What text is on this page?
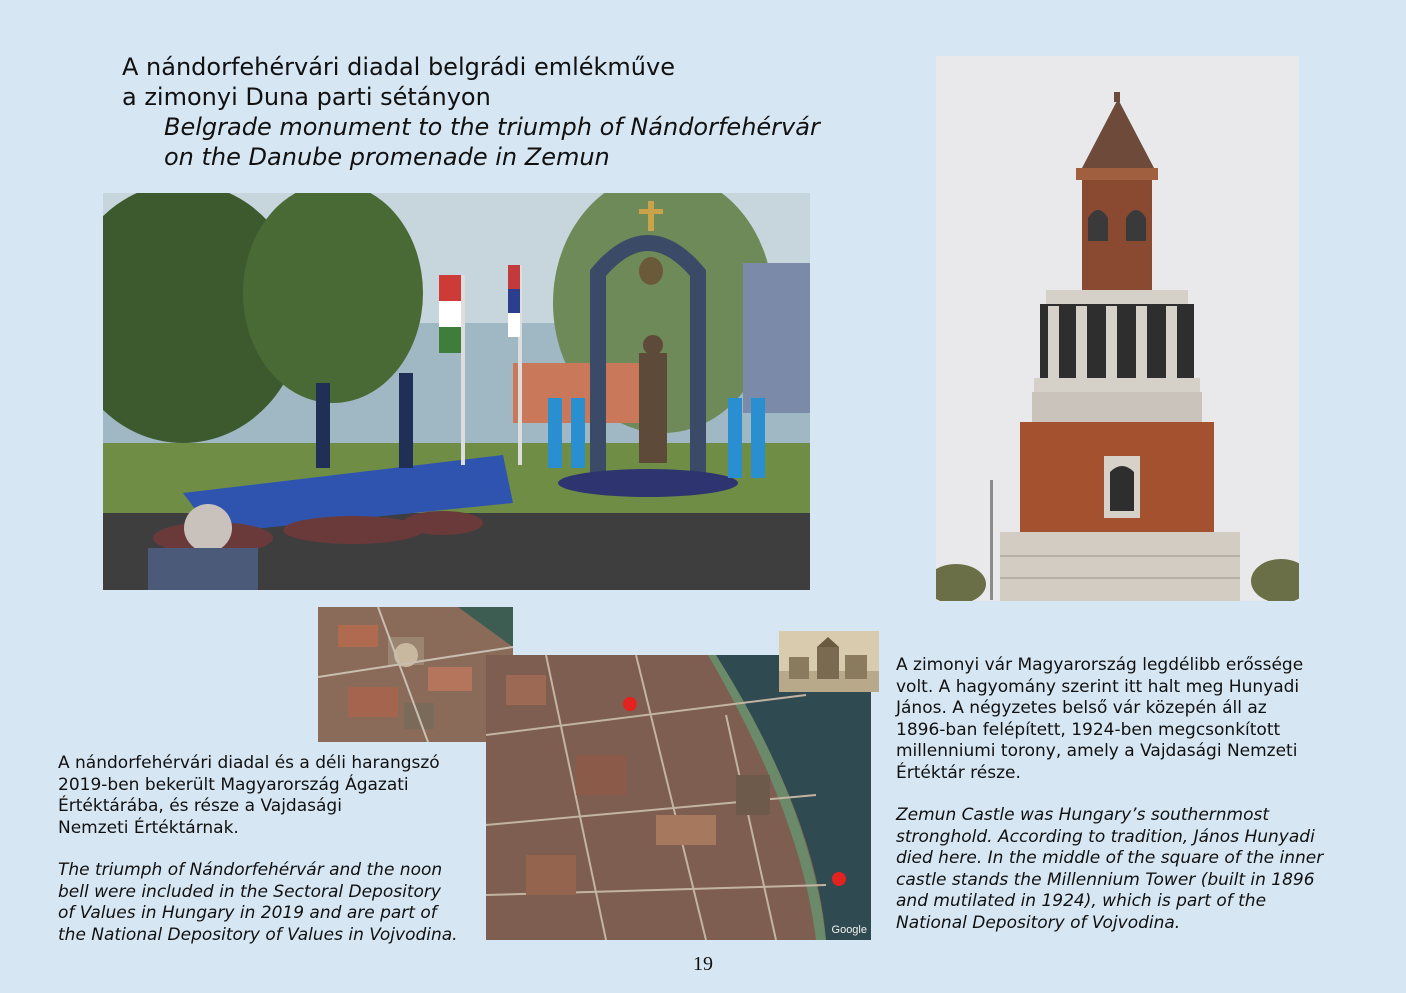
A nándorfehérvári diadal belgrádi emlékműve

a zimonyi Duna parti sétányon

Belgrade monument to the triumph of Nándorfehérvár

on the Danube promenade in Zemun

Google

A nándorfehérvári diadal és a déli harangszó

2019-ben bekerült Magyarország Ágazati

Értéktárába, és része a Vajdasági

Nemzeti Értéktárnak.

The triumph of Nándorfehérvár and the noon

bell were included in the Sectoral Depository

of Values in Hungary in 2019 and are part of

the National Depository of Values in Vojvodina.

A zimonyi vár Magyarország legdélibb erőssége

volt. A hagyomány szerint itt halt meg Hunyadi

János. A négyzetes belső vár közepén áll az

1896-ban felépített, 1924-ben megcsonkított

millenniumi torony, amely a Vajdasági Nemzeti

Értéktár része.

Zemun Castle was Hungary’s southernmost

stronghold. According to tradition, János Hunyadi

died here. In the middle of the square of the inner

castle stands the Millennium Tower (built in 1896

and mutilated in 1924), which is part of the

National Depository of Vojvodina.

19
